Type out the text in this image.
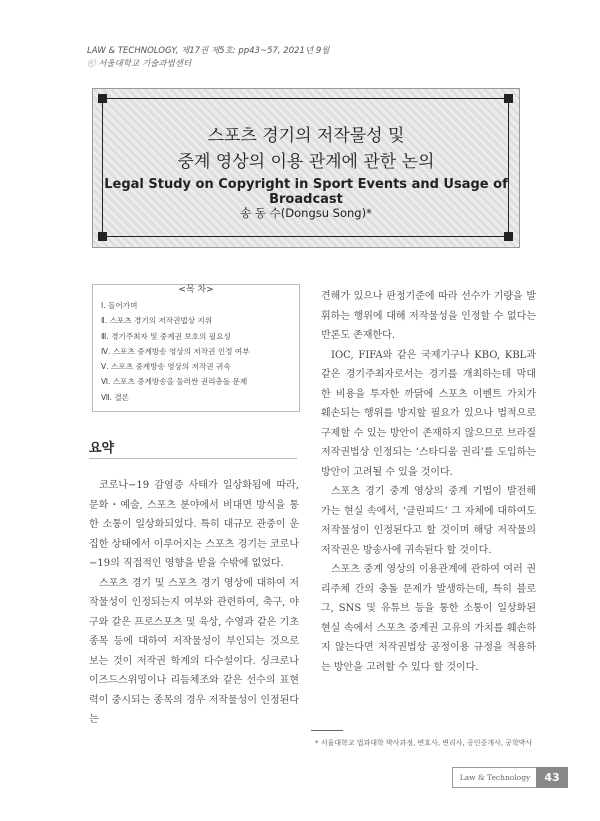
LAW & TECHNOLOGY, 제17권 제5호: pp43~57, 2021년 9월
ⓒ 서울대학교 기술과법센터
스포츠 경기의 저작물성 및
중계 영상의 이용 관계에 관한 논의
Legal Study on Copyright in Sport Events and Usage of Broadcast
송 동 수(Dongsu Song)*
<목 차>
Ⅰ. 들어가며
Ⅱ. 스포츠 경기의 저작권법상 지위
Ⅲ. 경기주최자 및 중계권 보호의 필요성
Ⅳ. 스포츠 중계방송 영상의 저작권 인정 여부
Ⅴ. 스포츠 중계방송 영상의 저작권 귀속
Ⅵ. 스포츠 중계방송을 둘러싼 권리충돌 문제
Ⅶ. 결론
요약

코로나−19 감염증 사태가 일상화됨에 따라, 문화・예술, 스포츠 분야에서 비대면 방식을 통한 소통이 일상화되었다. 특히 대규모 관중이 운집한 상태에서 이루어지는 스포츠 경기는 코로나−19의 직접적인 영향을 받을 수밖에 없었다.

스포츠 경기 및 스포츠 경기 영상에 대하여 저작물성이 인정되는지 여부와 관련하여, 축구, 야구와 같은 프로스포츠 및 육상, 수영과 같은 기초 종목 등에 대하여 저작물성이 부인되는 것으로 보는 것이 저작권 학계의 다수설이다. 싱크로나이즈드스위밍이나 리듬체조와 같은 선수의 표현력이 중시되는 종목의 경우 저작물성이 인정된다는

견해가 있으나 판정기준에 따라 선수가 기량을 발휘하는 행위에 대해 저작물성을 인정할 수 없다는 반론도 존재한다.

IOC, FIFA와 같은 국제기구나 KBO, KBL과 같은 경기주최자로서는 경기를 개최하는데 막대한 비용을 투자한 까닭에 스포츠 이벤트 가치가 훼손되는 행위를 방지할 필요가 있으나 법적으로 구제할 수 있는 방안이 존재하지 않으므로 브라질 저작권법상 인정되는 ‘스타디움 권리’를 도입하는 방안이 고려될 수 있을 것이다.

스포츠 경기 중계 영상의 중계 기법이 발전해 가는 현실 속에서, ‘클린피드’ 그 자체에 대하여도 저작물성이 인정된다고 할 것이며 해당 저작물의 저작권은 방송사에 귀속된다 할 것이다.

스포츠 중계 영상의 이용관계에 관하여 여러 권리주체 간의 충돌 문제가 발생하는데, 특히 블로그, SNS 및 유튜브 등을 통한 소통이 일상화된 현실 속에서 스포츠 중계권 고유의 가치를 훼손하지 않는다면 저작권법상 공정이용 규정을 적용하는 방안을 고려할 수 있다 할 것이다.

* 서울대학교 법과대학 박사과정, 변호사, 변리사, 공인중개사, 공학박사
Law & Technology	43
